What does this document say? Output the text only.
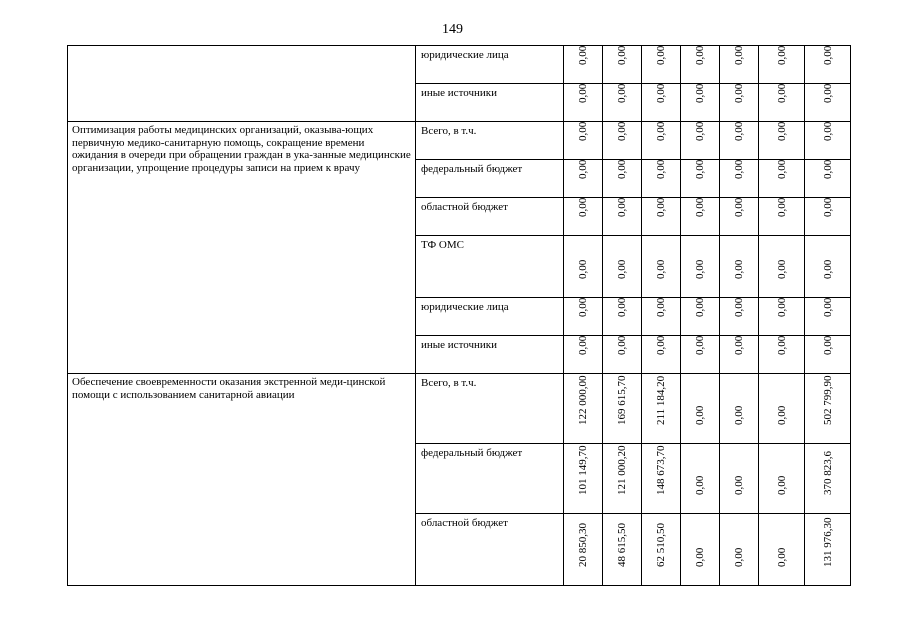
149
	юридические лица	0,00	0,00	0,00	0,00	0,00	0,00	0,00

	иные источники	0,00	0,00	0,00	0,00	0,00	0,00	0,00

Оптимизация работы медицинских организаций, оказыва-ющих первичную медико-санитарную помощь, сокращение времени ожидания в очереди при обращении граждан в ука-занные медицинские организации, упрощение процедуры записи на прием к врачу	Всего, в т.ч.	0,00	0,00	0,00	0,00	0,00	0,00	0,00

	федеральный бюджет	0,00	0,00	0,00	0,00	0,00	0,00	0,00

	областной бюджет	0,00	0,00	0,00	0,00	0,00	0,00	0,00

	ТФ ОМС	0,00	0,00	0,00	0,00	0,00	0,00	0,00

	юридические лица	0,00	0,00	0,00	0,00	0,00	0,00	0,00

	иные источники	0,00	0,00	0,00	0,00	0,00	0,00	0,00

Обеспечение своевременности оказания экстренной меди-цинской помощи с использованием санитарной авиации	Всего, в т.ч.	122 000,00	169 615,70	211 184,20	0,00	0,00	0,00	502 799,90

	федеральный бюджет	101 149,70	121 000,20	148 673,70	0,00	0,00	0,00	370 823,6

	областной бюджет	20 850,30	48 615,50	62 510,50	0,00	0,00	0,00	131 976,30
